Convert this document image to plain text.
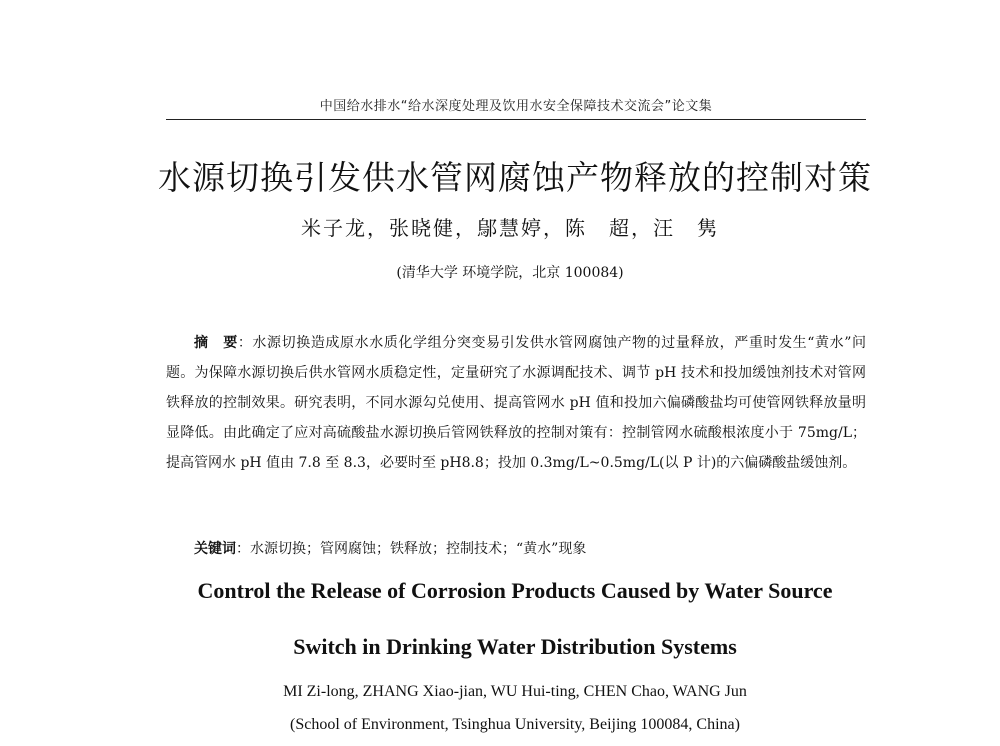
中国给水排水“给水深度处理及饮用水安全保障技术交流会”论文集
水源切换引发供水管网腐蚀产物释放的控制对策
米子龙，张晓健，鄔慧婷，陈　超，汪　隽
(清华大学 环境学院，北京 100084)
摘　要：水源切换造成原水水质化学组分突变易引发供水管网腐蚀产物的过量释放，严重时发生“黄水”问题。为保障水源切换后供水管网水质稳定性，定量研究了水源调配技术、调节 pH 技术和投加缓蚀剂技术对管网铁释放的控制效果。研究表明，不同水源勾兑使用、提高管网水 pH 值和投加六偏磷酸盐均可使管网铁释放量明显降低。由此确定了应对高硫酸盐水源切换后管网铁释放的控制对策有：控制管网水硫酸根浓度小于 75mg/L；提高管网水 pH 值由 7.8 至 8.3，必要时至 pH8.8；投加 0.3mg/L~0.5mg/L(以 P 计)的六偏磷酸盐缓蚀剂。
关键词：水源切换；管网腐蚀；铁释放；控制技术；“黄水”现象
Control the Release of Corrosion Products Caused by Water Source
Switch in Drinking Water Distribution Systems
MI Zi-long, ZHANG Xiao-jian, WU Hui-ting, CHEN Chao, WANG Jun
(School of Environment, Tsinghua University, Beijing 100084, China)
